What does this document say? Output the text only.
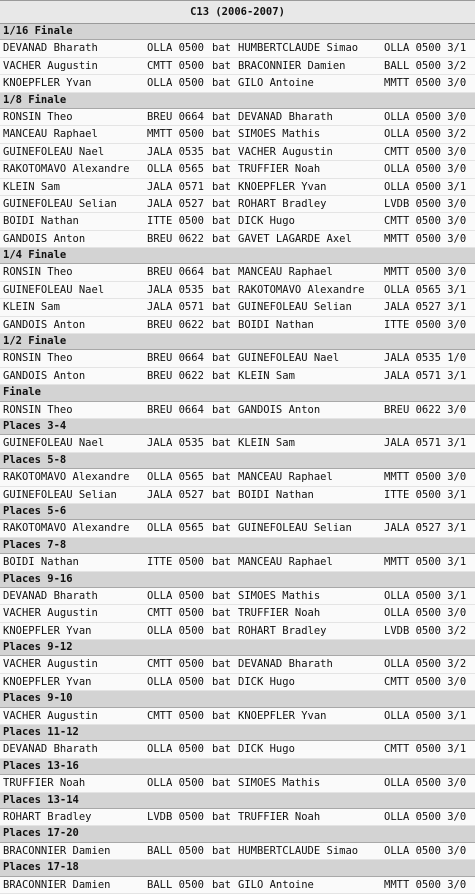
C13 (2006-2007)
1/16 Finale
DEVANAD Bharath	OLLA 0500 bat HUMBERTCLAUDE Simao OLLA 0500 3/1
VACHER Augustin	CMTT 0500 bat BRACONNIER Damien	BALL 0500 3/2
KNOEPFLER Yvan	OLLA 0500 bat GILO Antoine	MMTT 0500 3/0
1/8 Finale
RONSIN Theo	BREU 0664 bat DEVANAD Bharath	OLLA 0500 3/0
MANCEAU Raphael	MMTT 0500 bat SIMOES Mathis	OLLA 0500 3/2
GUINEFOLEAU Nael	JALA 0535 bat VACHER Augustin	CMTT 0500 3/0
RAKOTOMAVO Alexandre OLLA 0565 bat TRUFFIER Noah	OLLA 0500 3/0
KLEIN Sam	JALA 0571 bat KNOEPFLER Yvan	OLLA 0500 3/1
GUINEFOLEAU Selian	JALA 0527 bat ROHART Bradley	LVDB 0500 3/0
BOIDI Nathan	ITTE 0500 bat DICK Hugo	CMTT 0500 3/0
GANDOIS Anton	BREU 0622 bat GAVET LAGARDE Axel	MMTT 0500 3/0
1/4 Finale
RONSIN Theo	BREU 0664 bat MANCEAU Raphael	MMTT 0500 3/0
GUINEFOLEAU Nael	JALA 0535 bat RAKOTOMAVO Alexandre OLLA 0565 3/1
KLEIN Sam	JALA 0571 bat GUINEFOLEAU Selian	JALA 0527 3/1
GANDOIS Anton	BREU 0622 bat BOIDI Nathan	ITTE 0500 3/0
1/2 Finale
RONSIN Theo	BREU 0664 bat GUINEFOLEAU Nael	JALA 0535 1/0
GANDOIS Anton	BREU 0622 bat KLEIN Sam	JALA 0571 3/1
Finale
RONSIN Theo	BREU 0664 bat GANDOIS Anton	BREU 0622 3/0
Places 3-4
GUINEFOLEAU Nael	JALA 0535 bat KLEIN Sam	JALA 0571 3/1
Places 5-8
RAKOTOMAVO Alexandre OLLA 0565 bat MANCEAU Raphael	MMTT 0500 3/0
GUINEFOLEAU Selian	JALA 0527 bat BOIDI Nathan	ITTE 0500 3/1
Places 5-6
RAKOTOMAVO Alexandre OLLA 0565 bat GUINEFOLEAU Selian	JALA 0527 3/1
Places 7-8
BOIDI Nathan	ITTE 0500 bat MANCEAU Raphael	MMTT 0500 3/1
Places 9-16
DEVANAD Bharath	OLLA 0500 bat SIMOES Mathis	OLLA 0500 3/1
VACHER Augustin	CMTT 0500 bat TRUFFIER Noah	OLLA 0500 3/0
KNOEPFLER Yvan	OLLA 0500 bat ROHART Bradley	LVDB 0500 3/2
Places 9-12
VACHER Augustin	CMTT 0500 bat DEVANAD Bharath	OLLA 0500 3/2
KNOEPFLER Yvan	OLLA 0500 bat DICK Hugo	CMTT 0500 3/0
Places 9-10
VACHER Augustin	CMTT 0500 bat KNOEPFLER Yvan	OLLA 0500 3/1
Places 11-12
DEVANAD Bharath	OLLA 0500 bat DICK Hugo	CMTT 0500 3/1
Places 13-16
TRUFFIER Noah	OLLA 0500 bat SIMOES Mathis	OLLA 0500 3/0
Places 13-14
ROHART Bradley	LVDB 0500 bat TRUFFIER Noah	OLLA 0500 3/0
Places 17-20
BRACONNIER Damien	BALL 0500 bat HUMBERTCLAUDE Simao OLLA 0500 3/0
Places 17-18
BRACONNIER Damien	BALL 0500 bat GILO Antoine	MMTT 0500 3/0
